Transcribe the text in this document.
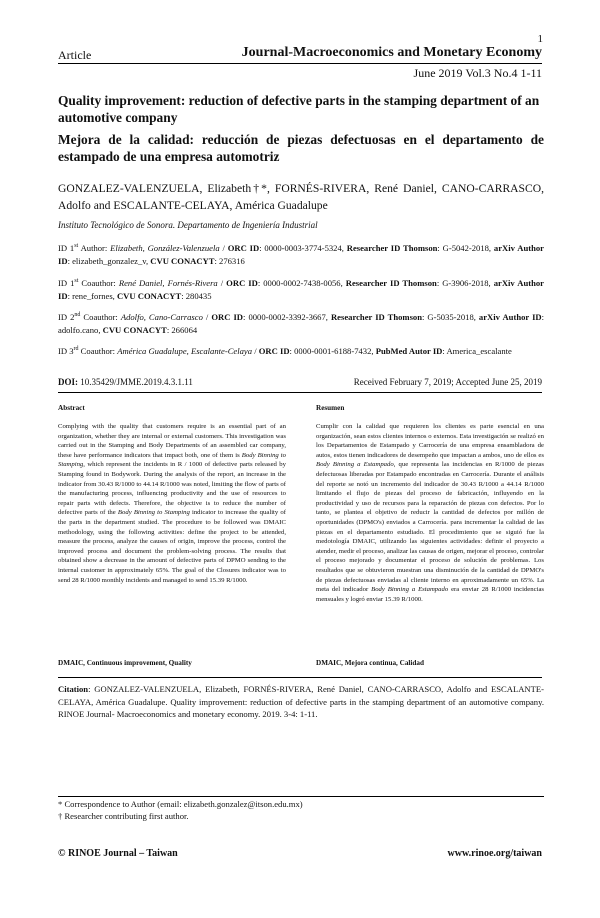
1
Article	Journal-Macroeconomics and Monetary Economy
June 2019 Vol.3 No.4 1-11
Quality improvement: reduction of defective parts in the stamping department of an automotive company
Mejora de la calidad: reducción de piezas defectuosas en el departamento de estampado de una empresa automotriz
GONZALEZ-VALENZUELA, Elizabeth†*, FORNÉS-RIVERA, René Daniel, CANO-CARRASCO, Adolfo and ESCALANTE-CELAYA, América Guadalupe
Instituto Tecnológico de Sonora. Departamento de Ingeniería Industrial
ID 1st Author: Elizabeth, González-Valenzuela / ORC ID: 0000-0003-3774-5324, Researcher ID Thomson: G-5042-2018, arXiv Author ID: elizabeth_gonzalez_v, CVU CONACYT: 276316
ID 1st Coauthor: René Daniel, Fornés-Rivera / ORC ID: 0000-0002-7438-0056, Researcher ID Thomson: G-3906-2018, arXiv Author ID: rene_fornes, CVU CONACYT: 280435
ID 2nd Coauthor: Adolfo, Cano-Carrasco / ORC ID: 0000-0002-3392-3667, Researcher ID Thomson: G-5035-2018, arXiv Author ID: adolfo.cano, CVU CONACYT: 266064
ID 3rd Coauthor: América Guadalupe, Escalante-Celaya / ORC ID: 0000-0001-6188-7432, PubMed Autor ID: America_escalante
DOI: 10.35429/JMME.2019.4.3.1.11	Received February 7, 2019; Accepted June 25, 2019
Abstract	Resumen
Complying with the quality that customers require is an essential part of an organization, whether they are internal or external customers. This investigation was carried out in the Stamping and Body Departments of an assembled car company, these have performance indicators that impact both, one of them is Body Binning to Stamping, which represent the incidents in R / 1000 of defective parts released by Stamping found in Bodywork. During the analysis of the report, an increase in the indicator from 30.43 R/1000 to 44.14 R/1000 was noted, limiting the flow of parts of the manufacturing process, influencing productivity and the use of resources to repair parts with defects. Therefore, the objective is to reduce the number of defective parts of the Body Binning to Stamping indicator to increase the quality of the parts in the department studied. The procedure to be followed was DMAIC methodology, using the following activities: define the project to be attended, measure the process, analyze the causes of origin, improve the process, control the improved process and document the problem-solving process. The results that obtained show a decrease in the amount of defective parts of DPMO sending to the internal customer in approximately 65%. The goal of the Closures indicator was to send 28 R/1000 monthly incidents and managed to send 15.39 R/1000.
Cumplir con la calidad que requieren los clientes es parte esencial en una organización, sean estos clientes internos o externos. Esta investigación se realizó en los Departamentos de Estampado y Carrocería de una empresa ensambladora de autos, estos tienen indicadores de desempeño que impactan a ambos, uno de ellos es Body Binning a Estampado, que representa las incidencias en R/1000 de piezas defectuosas liberadas por Estampado encontradas en Carrocería. Durante el análisis del reporte se notó un incremento del indicador de 30.43 R/1000 a 44.14 R/1000 limitando el flujo de piezas del proceso de fabricación, influyendo en la productividad y uso de recursos para la reparación de piezas con defectos. Por lo tanto, se plantea el objetivo de reducir la cantidad de defectos por millón de oportunidades (DPMO's) enviados a Carrocería. para incrementar la calidad de las piezas en el departamento estudiado. El procedimiento que se siguió fue la medotología DMAIC, utilizando las siguientes actividades: definir el proyecto a atender, medir el proceso, analizar las causas de origen, mejorar el proceso, controlar el proceso mejorado y documentar el proceso de solución de problemas. Los resultados que se obtuvieron muestran una disminución de la cantidad de DPMO's de piezas defectuosas enviadas al cliente interno en aproximadamente un 65%. La meta del indicador Body Binning a Estampado era enviar 28 R/1000 incidencias mensuales y logró enviar 15.39 R/1000.
DMAIC, Continuous improvement, Quality	DMAIC, Mejora continua, Calidad
Citation: GONZALEZ-VALENZUELA, Elizabeth, FORNÉS-RIVERA, René Daniel, CANO-CARRASCO, Adolfo and ESCALANTE-CELAYA, América Guadalupe. Quality improvement: reduction of defective parts in the stamping department of an automotive company. RINOE Journal- Macroeconomics and monetary economy. 2019. 3-4: 1-11.
* Correspondence to Author (email: elizabeth.gonzalez@itson.edu.mx)
† Researcher contributing first author.
© RINOE Journal – Taiwan	www.rinoe.org/taiwan
